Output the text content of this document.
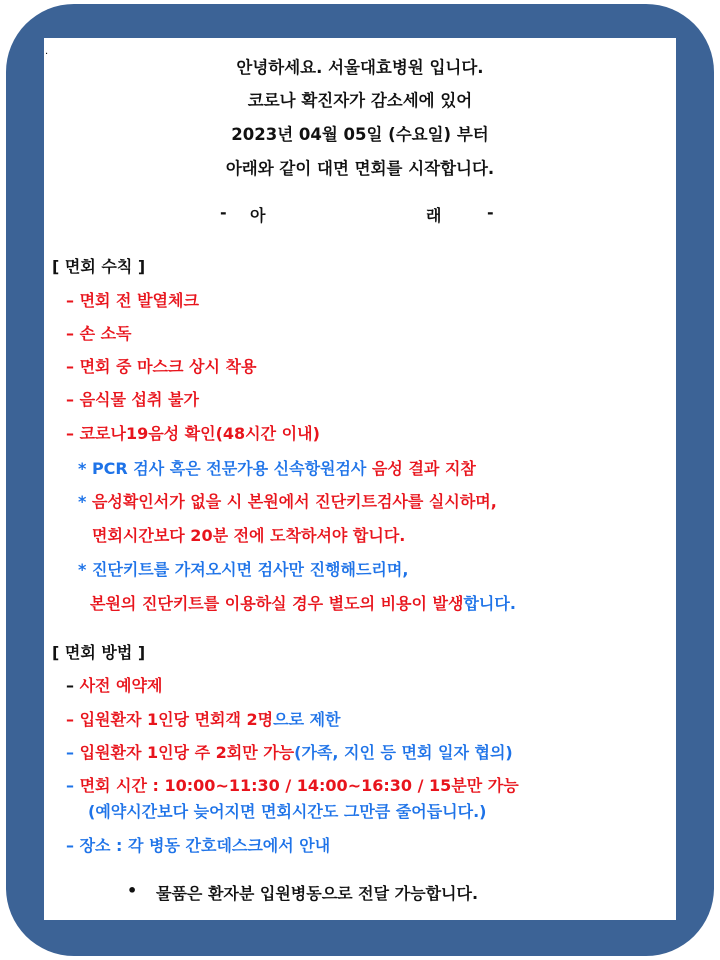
.
안녕하세요. 서울대효병원 입니다.
코로나 확진자가 감소세에 있어
2023년 04월 05일 (수요일) 부터
아래와 같이 대면 면회를 시작합니다.
- 아	래	-
[ 면회 수칙 ]
– 면회 전 발열체크
– 손 소독
– 면회 중 마스크 상시 착용
– 음식물 섭취 불가
– 코로나19음성 확인(48시간 이내)
* PCR 검사 혹은 전문가용 신속항원검사 음성 결과 지참
* 음성확인서가 없을 시 본원에서 진단키트검사를 실시하며,
면회시간보다 20분 전에 도착하셔야 합니다.
* 진단키트를 가져오시면 검사만 진행해드리며,
본원의 진단키트를 이용하실 경우 별도의 비용이 발생합니다.
[ 면회 방법 ]
– 사전 예약제
– 입원환자 1인당 면회객 2명으로 제한
– 입원환자 1인당 주 2회만 가능(가족, 지인 등 면회 일자 협의)
– 면회 시간 : 10:00~11:30 / 14:00~16:30 / 15분만 가능
(예약시간보다 늦어지면 면회시간도 그만큼 줄어듭니다.)
– 장소 : 각 병동 간호데스크에서 안내
• 물품은 환자분 입원병동으로 전달 가능합니다.
